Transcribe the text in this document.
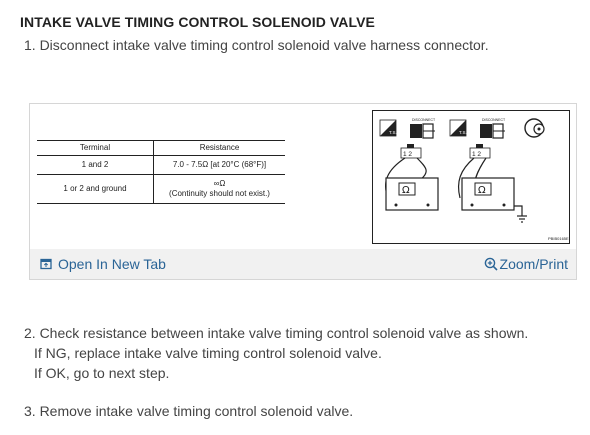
INTAKE VALVE TIMING CONTROL SOLENOID VALVE
1. Disconnect intake valve timing control solenoid valve harness connector.
Terminal	Resistance
1 and 2	7.0 - 7.5Ω [at 20°C (68°F)]
1 or 2 and ground	∞Ω
(Continuity should not exist.)
T.S.
DISCONNECT
T.S.
DISCONNECT
1 2
Ω
1 2
Ω
PBIB0165E
Open In New Tab	Zoom/Print
2. Check resistance between intake valve timing control solenoid valve as shown.
If NG, replace intake valve timing control solenoid valve.
If OK, go to next step.
3. Remove intake valve timing control solenoid valve.
